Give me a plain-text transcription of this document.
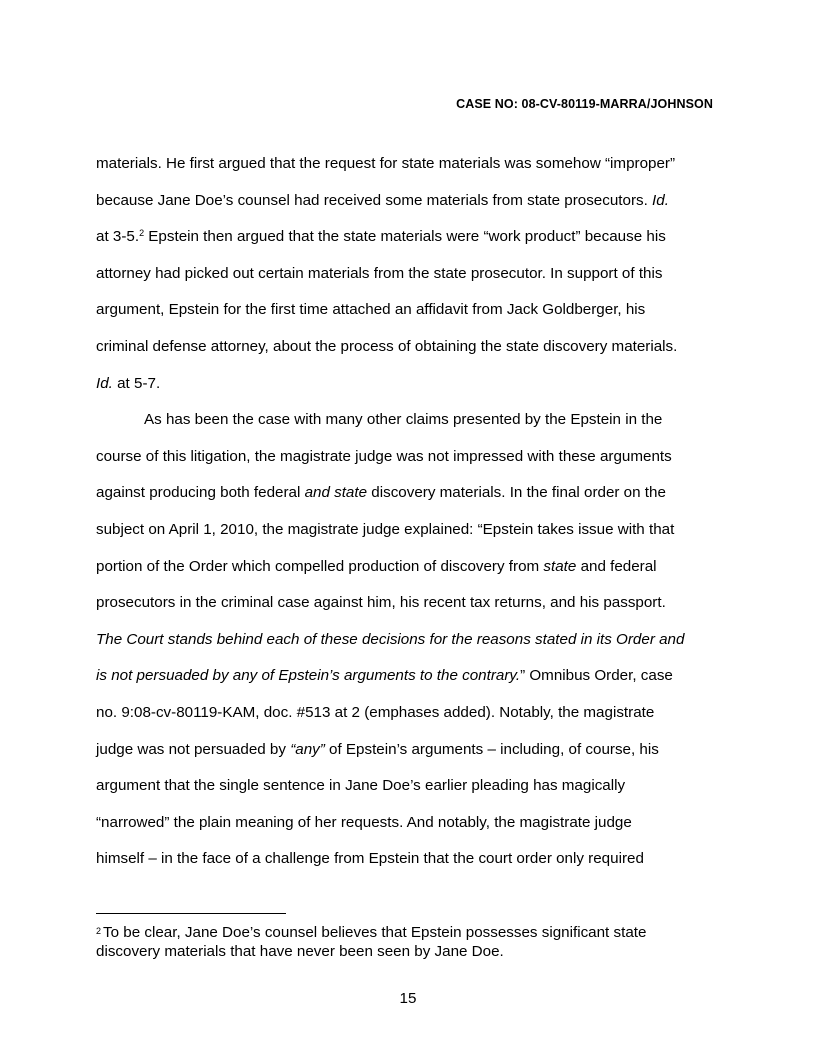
CASE NO: 08-CV-80119-MARRA/JOHNSON
materials. He first argued that the request for state materials was somehow “improper”
because Jane Doe’s counsel had received some materials from state prosecutors. Id.
at 3-5.$^2$ Epstein then argued that the state materials were “work product” because his
attorney had picked out certain materials from the state prosecutor. In support of this
argument, Epstein for the first time attached an affidavit from Jack Goldberger, his
criminal defense attorney, about the process of obtaining the state discovery materials.
Id. at 5-7.
As has been the case with many other claims presented by the Epstein in the
course of this litigation, the magistrate judge was not impressed with these arguments
against producing both federal and state discovery materials. In the final order on the
subject on April 1, 2010, the magistrate judge explained: “Epstein takes issue with that
portion of the Order which compelled production of discovery from state and federal
prosecutors in the criminal case against him, his recent tax returns, and his passport.
The Court stands behind each of these decisions for the reasons stated in its Order and
is not persuaded by any of Epstein’s arguments to the contrary.” Omnibus Order, case
no. 9:08-cv-80119-KAM, doc. #513 at 2 (emphases added). Notably, the magistrate
judge was not persuaded by “any” of Epstein’s arguments – including, of course, his
argument that the single sentence in Jane Doe’s earlier pleading has magically
“narrowed” the plain meaning of her requests. And notably, the magistrate judge
himself – in the face of a challenge from Epstein that the court order only required
$^2$ To be clear, Jane Doe’s counsel believes that Epstein possesses significant state
discovery materials that have never been seen by Jane Doe.
15
